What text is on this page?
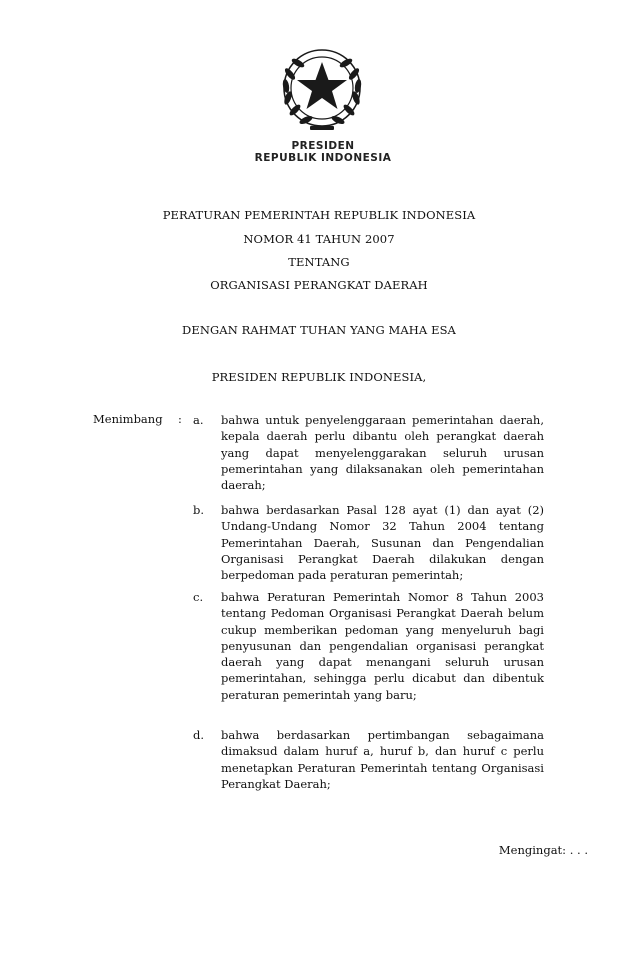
PRESIDEN
REPUBLIK INDONESIA
PERATURAN PEMERINTAH REPUBLIK INDONESIA
NOMOR 41 TAHUN 2007
TENTANG
ORGANISASI PERANGKAT DAERAH
DENGAN RAHMAT TUHAN YANG MAHA ESA
PRESIDEN REPUBLIK INDONESIA,
Menimbang : a. bahwa untuk penyelenggaraan pemerintahan daerah, kepala daerah perlu dibantu oleh perangkat daerah yang dapat menyelenggarakan seluruh urusan pemerintahan yang dilaksanakan oleh pemerintahan daerah;
b. bahwa berdasarkan Pasal 128 ayat (1) dan ayat (2) Undang-Undang Nomor 32 Tahun 2004 tentang Pemerintahan Daerah, Susunan dan Pengendalian Organisasi Perangkat Daerah dilakukan dengan berpedoman pada peraturan pemerintah;
c. bahwa Peraturan Pemerintah Nomor 8 Tahun 2003 tentang Pedoman Organisasi Perangkat Daerah belum cukup memberikan pedoman yang menyeluruh bagi penyusunan dan pengendalian organisasi perangkat daerah yang dapat menangani seluruh urusan pemerintahan, sehingga perlu dicabut dan dibentuk peraturan pemerintah yang baru;
d. bahwa berdasarkan pertimbangan sebagaimana dimaksud dalam huruf a, huruf b, dan huruf c perlu menetapkan Peraturan Pemerintah tentang Organisasi Perangkat Daerah;
Mengingat: . . .
